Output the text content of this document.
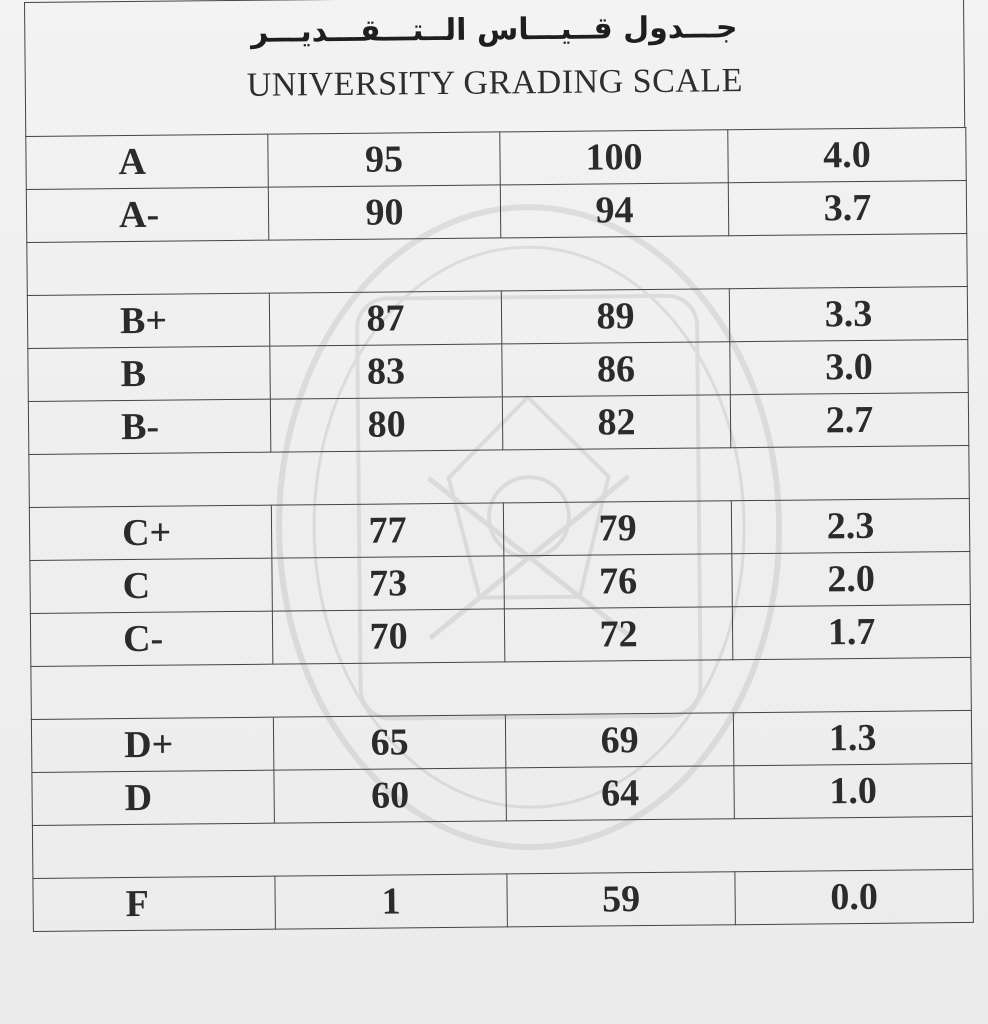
جـــدول قــيـــاس الــتـــقـــديـــر
UNIVERSITY GRADING SCALE
A	95	100	4.0
A-	90	94	3.7

B+	87	89	3.3
B	83	86	3.0
B-	80	82	2.7

C+	77	79	2.3
C	73	76	2.0
C-	70	72	1.7

D+	65	69	1.3
D	60	64	1.0

F	1	59	0.0
